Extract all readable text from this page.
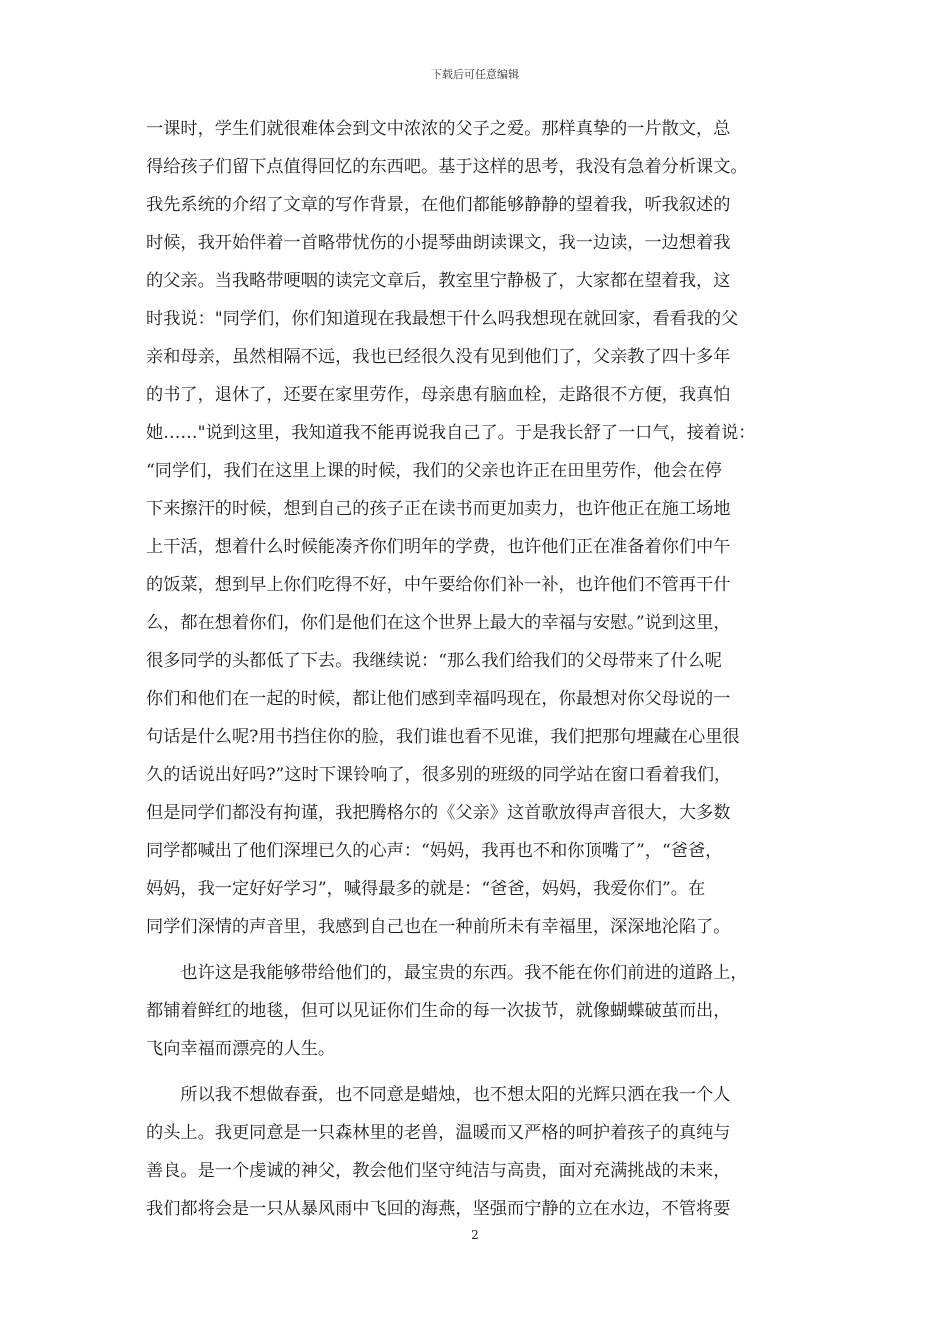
下载后可任意编辑
一课时，学生们就很难体会到文中浓浓的父子之爱。那样真挚的一片散文，总
得给孩子们留下点值得回忆的东西吧。基于这样的思考，我没有急着分析课文。
我先系统的介绍了文章的写作背景，在他们都能够静静的望着我，听我叙述的
时候，我开始伴着一首略带忧伤的小提琴曲朗读课文，我一边读，一边想着我
的父亲。当我略带哽咽的读完文章后，教室里宁静极了，大家都在望着我，这
时我说："同学们，你们知道现在我最想干什么吗我想现在就回家，看看我的父
亲和母亲，虽然相隔不远，我也已经很久没有见到他们了，父亲教了四十多年
的书了，退休了，还要在家里劳作，母亲患有脑血栓，走路很不方便，我真怕
她……"说到这里，我知道我不能再说我自己了。于是我长舒了一口气，接着说：
“同学们，我们在这里上课的时候，我们的父亲也许正在田里劳作，他会在停
下来擦汗的时候，想到自己的孩子正在读书而更加卖力，也许他正在施工场地
上干活，想着什么时候能凑齐你们明年的学费，也许他们正在准备着你们中午
的饭菜，想到早上你们吃得不好，中午要给你们补一补，也许他们不管再干什
么，都在想着你们，你们是他们在这个世界上最大的幸福与安慰。”说到这里，
很多同学的头都低了下去。我继续说：“那么我们给我们的父母带来了什么呢
你们和他们在一起的时候，都让他们感到幸福吗现在，你最想对你父母说的一
句话是什么呢?用书挡住你的脸，我们谁也看不见谁，我们把那句埋藏在心里很
久的话说出好吗?”这时下课铃响了，很多别的班级的同学站在窗口看着我们，
但是同学们都没有拘谨，我把腾格尔的《父亲》这首歌放得声音很大，大多数
同学都喊出了他们深埋已久的心声：“妈妈，我再也不和你顶嘴了”，“爸爸，
妈妈，我一定好好学习”，喊得最多的就是：“爸爸，妈妈，我爱你们”。在
同学们深情的声音里，我感到自己也在一种前所未有幸福里，深深地沦陷了。
　　也许这是我能够带给他们的，最宝贵的东西。我不能在你们前进的道路上，
都铺着鲜红的地毯，但可以见证你们生命的每一次拔节，就像蝴蝶破茧而出，
飞向幸福而漂亮的人生。
　　所以我不想做春蚕，也不同意是蜡烛，也不想太阳的光辉只洒在我一个人
的头上。我更同意是一只森林里的老兽，温暖而又严格的呵护着孩子的真纯与
善良。是一个虔诚的神父，教会他们坚守纯洁与高贵，面对充满挑战的未来，
我们都将会是一只从暴风雨中飞回的海燕，坚强而宁静的立在水边，不管将要
2
